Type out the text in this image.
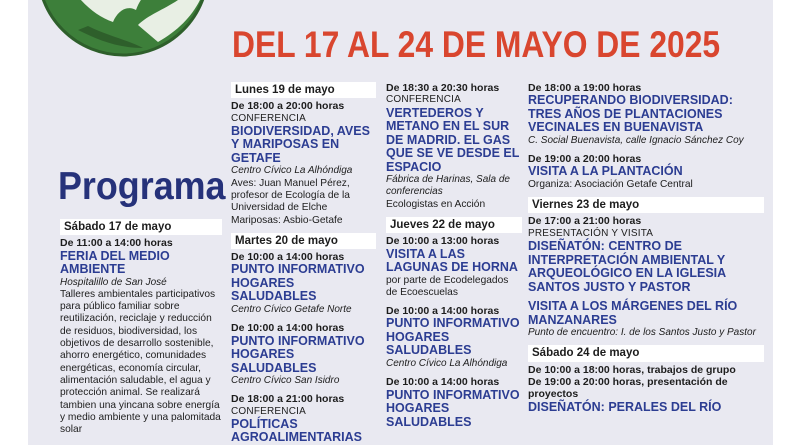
DEL 17 AL 24 DE MAYO DE 2025
Programa
Sábado 17 de mayo
De 11:00 a 14:00 horas
FERIA DEL MEDIO AMBIENTE
Hospitalillo de San José
Talleres ambientales participativos para público familiar sobre reutilización, reciclaje y reducción de residuos, biodiversidad, los objetivos de desarrollo sostenible, ahorro energético, comunidades energéticas, economía circular, alimentación saludable, el agua y protección animal. Se realizará tambien una yincana sobre energía y medio ambiente y una palomitada solar
Lunes 19 de mayo
De 18:00 a 20:00 horas
CONFERENCIA
BIODIVERSIDAD, AVES Y MARIPOSAS EN GETAFE
Centro Cívico La Alhóndiga
Aves: Juan Manuel Pérez, profesor de Ecología de la Universidad de Elche Mariposas: Asbio-Getafe
Martes 20 de mayo
De 10:00 a 14:00 horas
PUNTO INFORMATIVO HOGARES SALUDABLES
Centro Cívico Getafe Norte
De 10:00 a 14:00 horas
PUNTO INFORMATIVO HOGARES SALUDABLES
Centro Cívico San Isidro
De 18:00 a 21:00 horas
CONFERENCIA
POLÍTICAS AGROALIMENTARIAS
De 18:30 a 20:30 horas
CONFERENCIA
VERTEDEROS Y METANO EN EL SUR DE MADRID. EL GAS QUE SE VE DESDE EL ESPACIO
Fábrica de Harinas, Sala de conferencias
Ecologistas en Acción
Jueves 22 de mayo
De 10:00 a 13:00 horas
VISITA A LAS LAGUNAS DE HORNA
por parte de Ecodelegados de Ecoescuelas
De 10:00 a 14:00 horas
PUNTO INFORMATIVO HOGARES SALUDABLES
Centro Cívico La Alhóndiga
De 10:00 a 14:00 horas
PUNTO INFORMATIVO HOGARES SALUDABLES
De 18:00 a 19:00 horas
RECUPERANDO BIODIVERSIDAD: TRES AÑOS DE PLANTACIONES VECINALES EN BUENAVISTA
C. Social Buenavista, calle Ignacio Sánchez Coy
De 19:00 a 20:00 horas
VISITA A LA PLANTACIÓN
Organiza: Asociación Getafe Central
Viernes 23 de mayo
De 17:00 a 21:00 horas
PRESENTACIÓN Y VISITA
DISEÑATÓN: CENTRO DE INTERPRETACIÓN AMBIENTAL Y ARQUEOLÓGICO EN LA IGLESIA SANTOS JUSTO Y PASTOR
VISITA A LOS MÁRGENES DEL RÍO MANZANARES
Punto de encuentro: I. de los Santos Justo y Pastor
Sábado 24 de mayo
De 10:00 a 18:00 horas, trabajos de grupo
De 19:00 a 20:00 horas, presentación de proyectos
DISEÑATÓN: PERALES DEL RÍO
